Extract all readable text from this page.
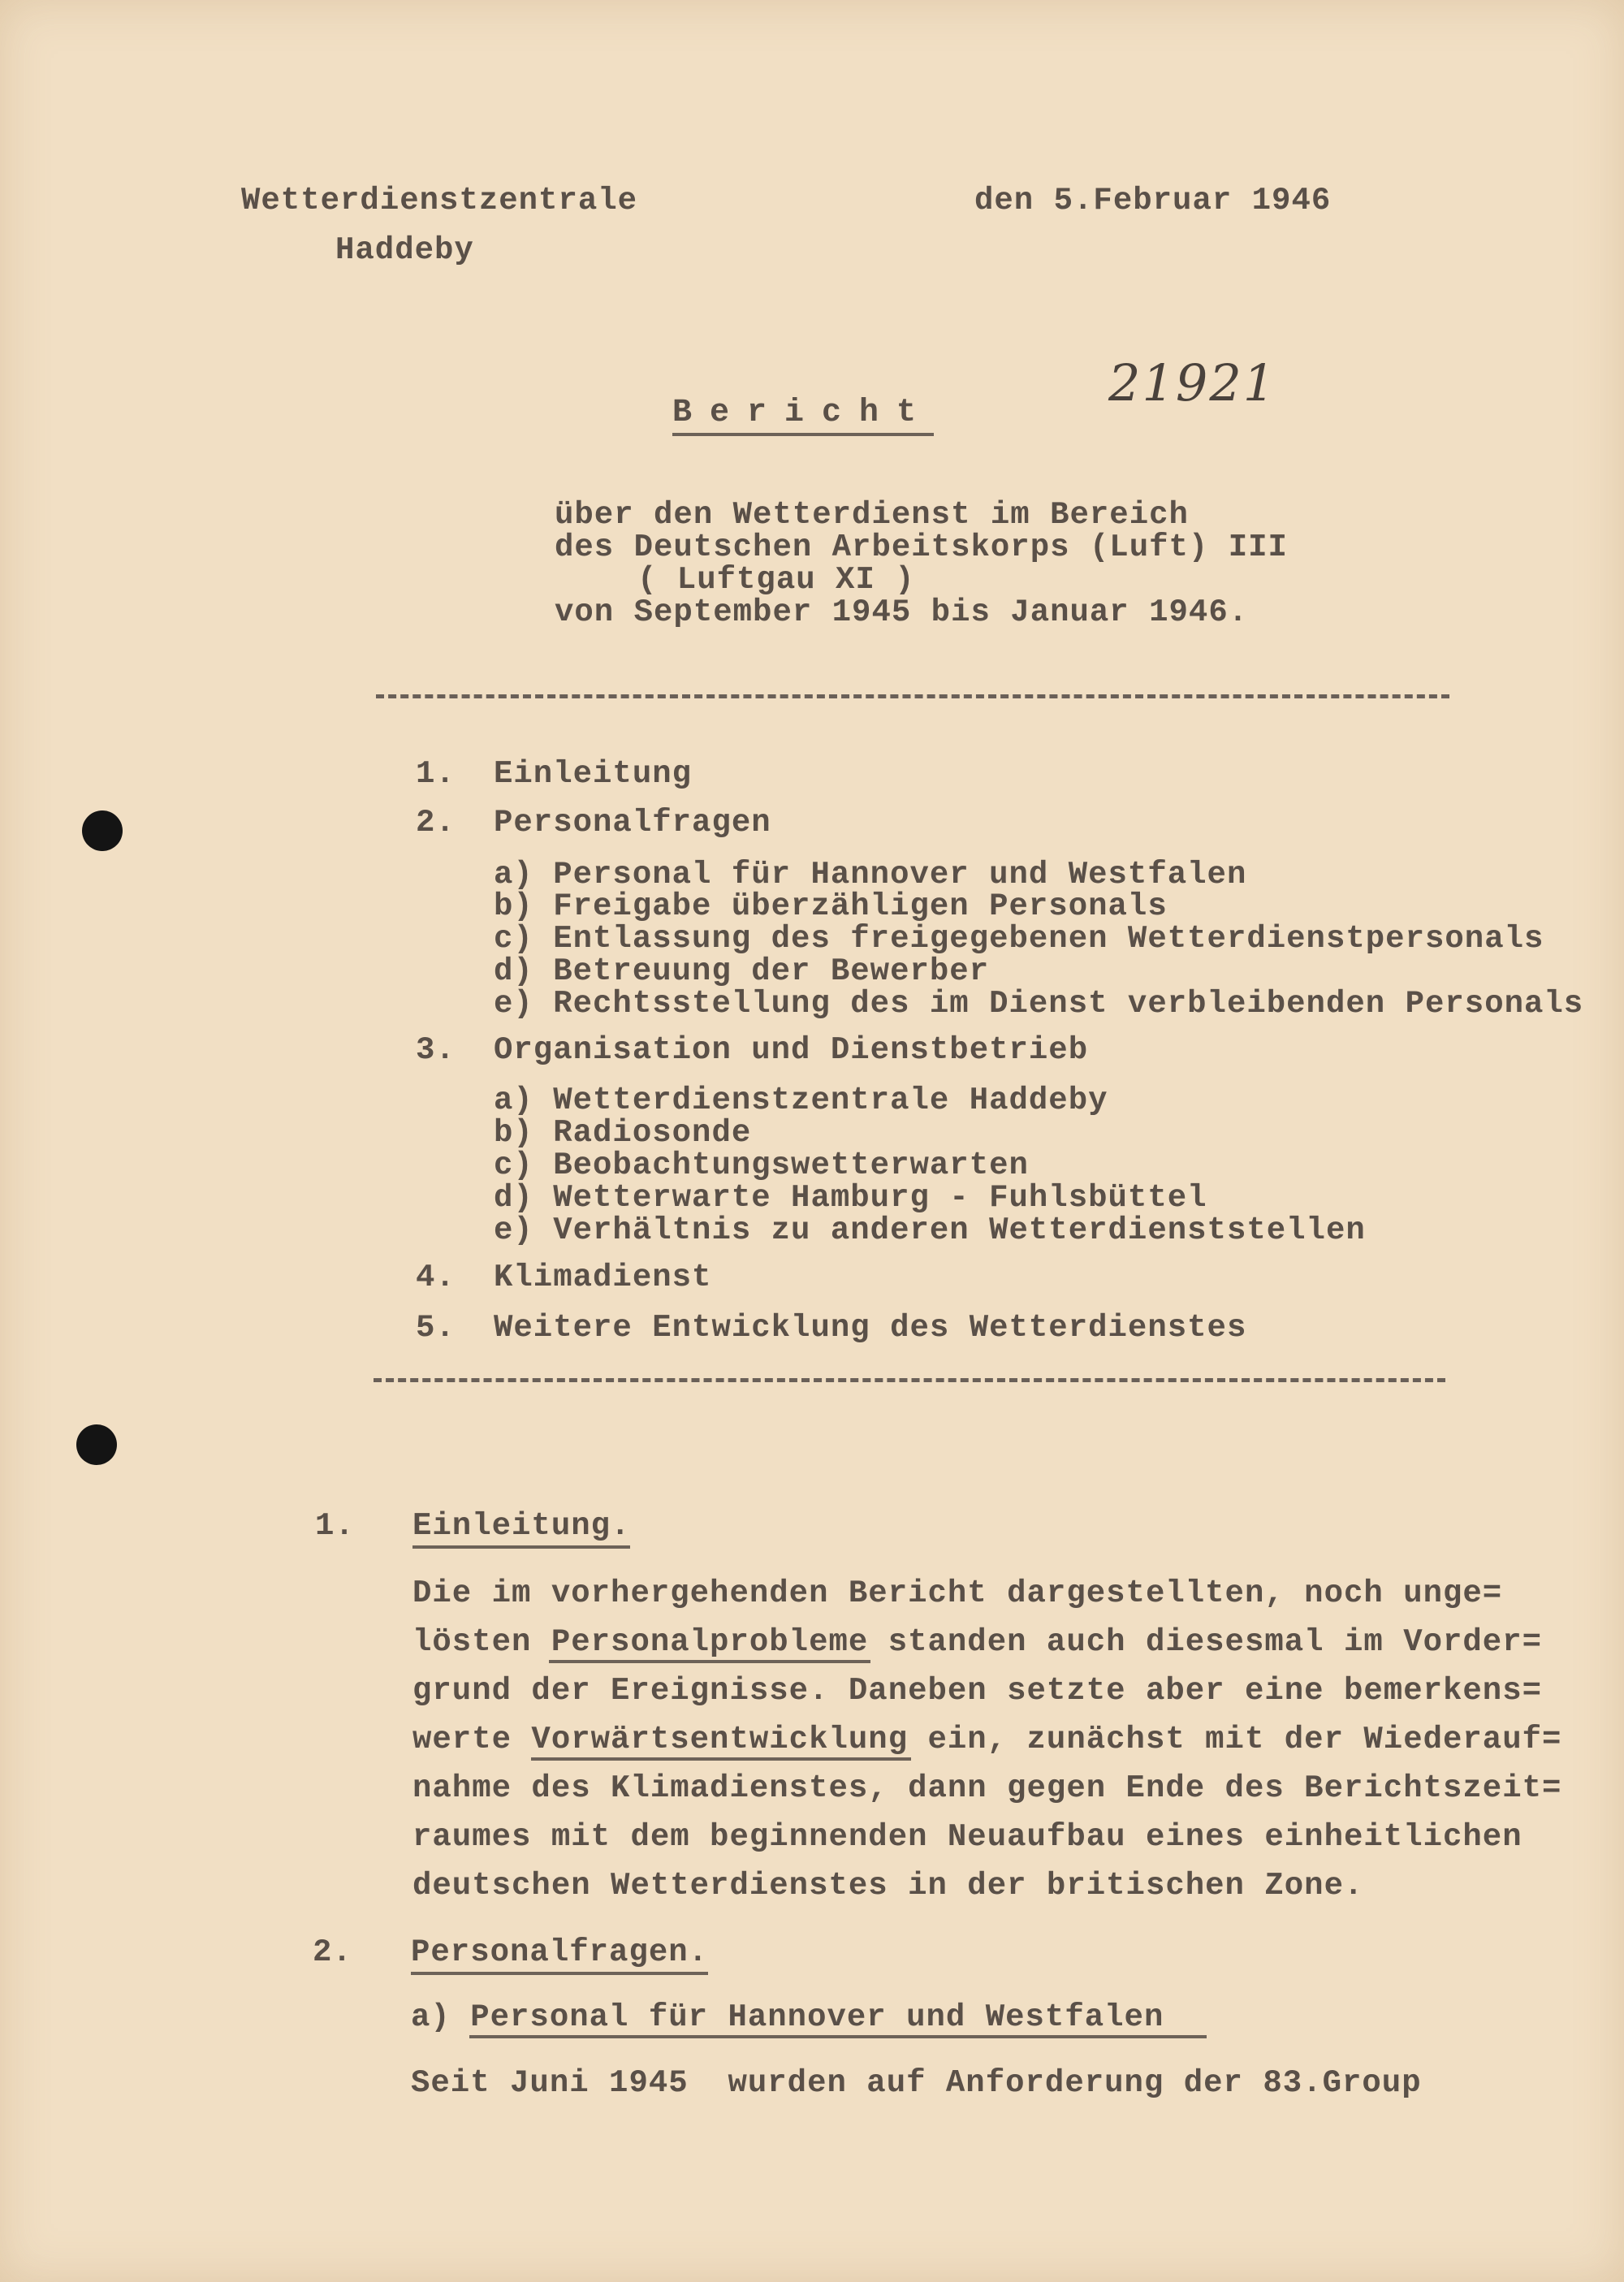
Wetterdienstzentrale
Haddeby
den 5.Februar 1946
21921
Bericht
über den Wetterdienst im Bereich
des Deutschen Arbeitskorps (Luft) III
( Luftgau XI )
von September 1945 bis Januar 1946.
1. Einleitung
2. Personalfragen
a) Personal für Hannover und Westfalen
b) Freigabe überzähligen Personals
c) Entlassung des freigegebenen Wetterdienstpersonals
d) Betreuung der Bewerber
e) Rechtsstellung des im Dienst verbleibenden Personals
3. Organisation und Dienstbetrieb
a) Wetterdienstzentrale Haddeby
b) Radiosonde
c) Beobachtungswetterwarten
d) Wetterwarte Hamburg - Fuhlsbüttel
e) Verhältnis zu anderen Wetterdienststellen
4. Klimadienst
5. Weitere Entwicklung des Wetterdienstes
1. Einleitung.
Die im vorhergehenden Bericht dargestellten, noch unge=
lösten Personalprobleme standen auch diesesmal im Vorder=
grund der Ereignisse. Daneben setzte aber eine bemerkens=
werte Vorwärtsentwicklung ein, zunächst mit der Wiederauf=
nahme des Klimadienstes, dann gegen Ende des Berichtszeit=
raumes mit dem beginnenden Neuaufbau eines einheitlichen
deutschen Wetterdienstes in der britischen Zone.
2. Personalfragen.
a) Personal für Hannover und Westfalen
Seit Juni 1945  wurden auf Anforderung der 83.Group
